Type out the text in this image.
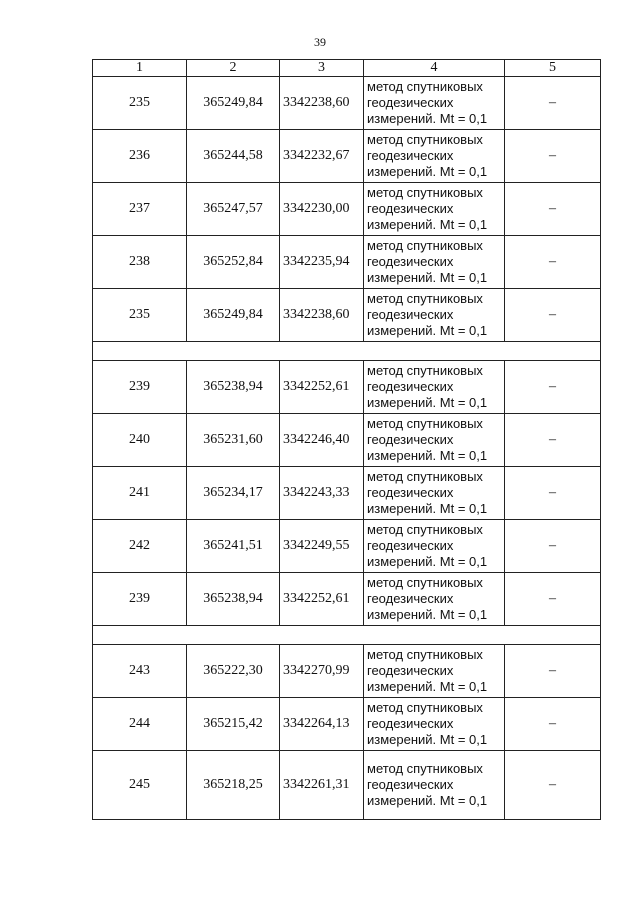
39
1	2	3	4	5
235	365249,84	3342238,60	метод спутниковых
геодезических
измерений. Mt = 0,1	–
236	365244,58	3342232,67	метод спутниковых
геодезических
измерений. Mt = 0,1	–
237	365247,57	3342230,00	метод спутниковых
геодезических
измерений. Mt = 0,1	–
238	365252,84	3342235,94	метод спутниковых
геодезических
измерений. Mt = 0,1	–
235	365249,84	3342238,60	метод спутниковых
геодезических
измерений. Mt = 0,1	–

239	365238,94	3342252,61	метод спутниковых
геодезических
измерений. Mt = 0,1	–
240	365231,60	3342246,40	метод спутниковых
геодезических
измерений. Mt = 0,1	–
241	365234,17	3342243,33	метод спутниковых
геодезических
измерений. Mt = 0,1	–
242	365241,51	3342249,55	метод спутниковых
геодезических
измерений. Mt = 0,1	–
239	365238,94	3342252,61	метод спутниковых
геодезических
измерений. Mt = 0,1	–

243	365222,30	3342270,99	метод спутниковых
геодезических
измерений. Mt = 0,1	–
244	365215,42	3342264,13	метод спутниковых
геодезических
измерений. Mt = 0,1	–
245	365218,25	3342261,31	метод спутниковых
геодезических
измерений. Mt = 0,1	–
